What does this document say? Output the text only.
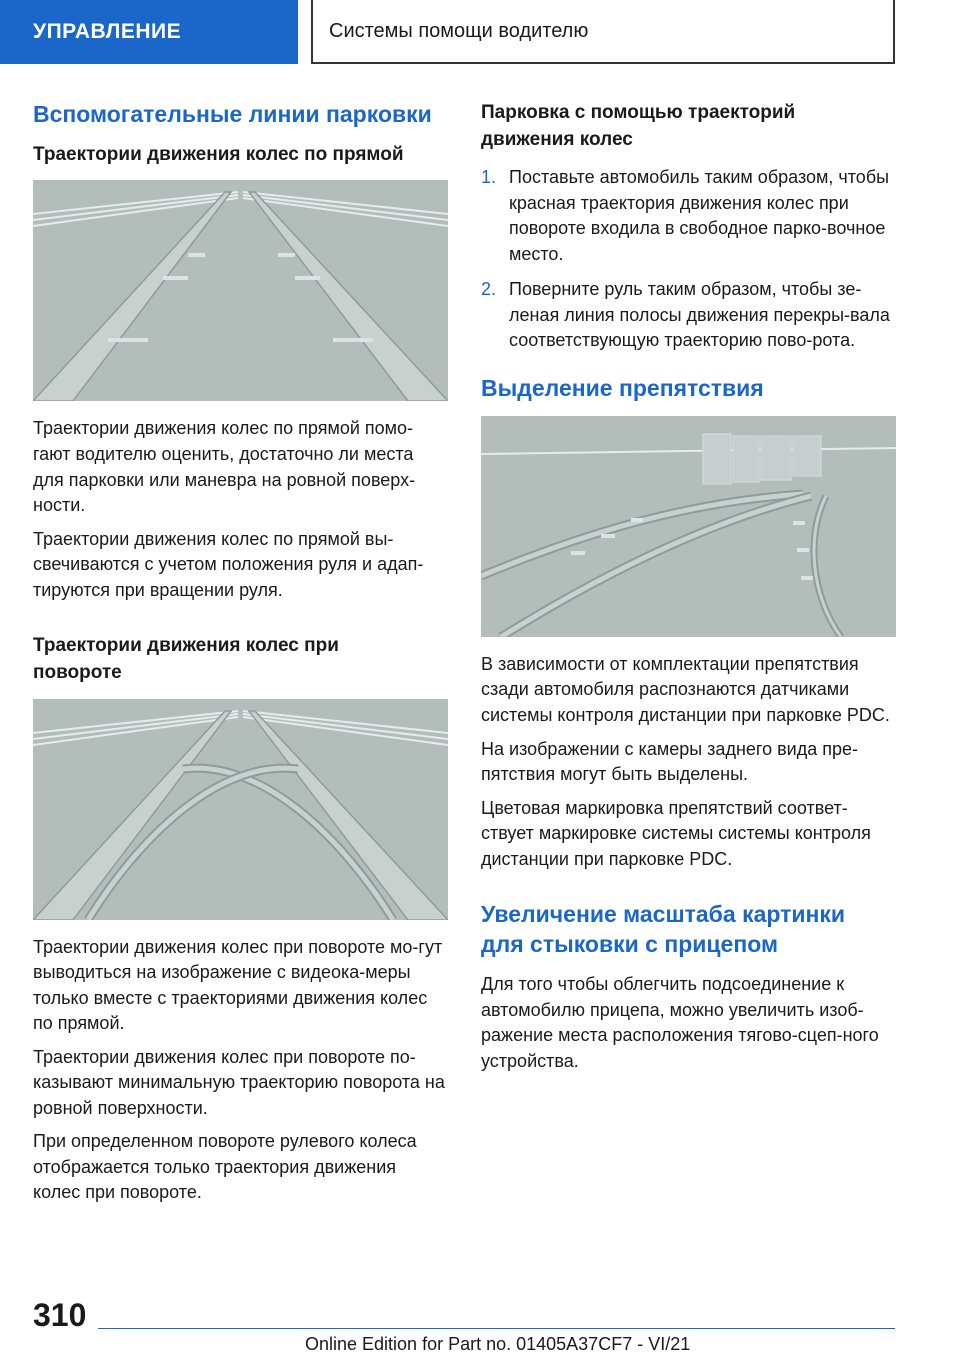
УПРАВЛЕНИЕ	Системы помощи водителю
Вспомогательные линии парковки
Траектории движения колес по прямой

Траектории движения колес по прямой помо-гают водителю оценить, достаточно ли места для парковки или маневра на ровной поверх-ности.

Траектории движения колес по прямой вы-свечиваются с учетом положения руля и адап-тируются при вращении руля.

Траектории движения колес при повороте

Траектории движения колес при повороте мо-гут выводиться на изображение с видеока-меры только вместе с траекториями движения колес по прямой.

Траектории движения колес при повороте по-казывают минимальную траекторию поворота на ровной поверхности.

При определенном повороте рулевого колеса отображается только траектория движения колес при повороте.

Парковка с помощью траекторий движения колес
1. Поставьте автомобиль таким образом, чтобы красная траектория движения колес при повороте входила в свободное парко-вочное место.
2. Поверните руль таким образом, чтобы зе-леная линия полосы движения перекры-вала соответствующую траекторию пово-рота.
Выделение препятствия

В зависимости от комплектации препятствия сзади автомобиля распознаются датчиками системы контроля дистанции при парковке PDC.

На изображении с камеры заднего вида пре-пятствия могут быть выделены.

Цветовая маркировка препятствий соответ-ствует маркировке системы системы контроля дистанции при парковке PDC.

Увеличение масштаба картинки для стыковки с прицепом

Для того чтобы облегчить подсоединение к автомобилю прицепа, можно увеличить изоб-ражение места расположения тягово-сцеп-ного устройства.

310
Online Edition for Part no. 01405A37CF7 - VI/21
